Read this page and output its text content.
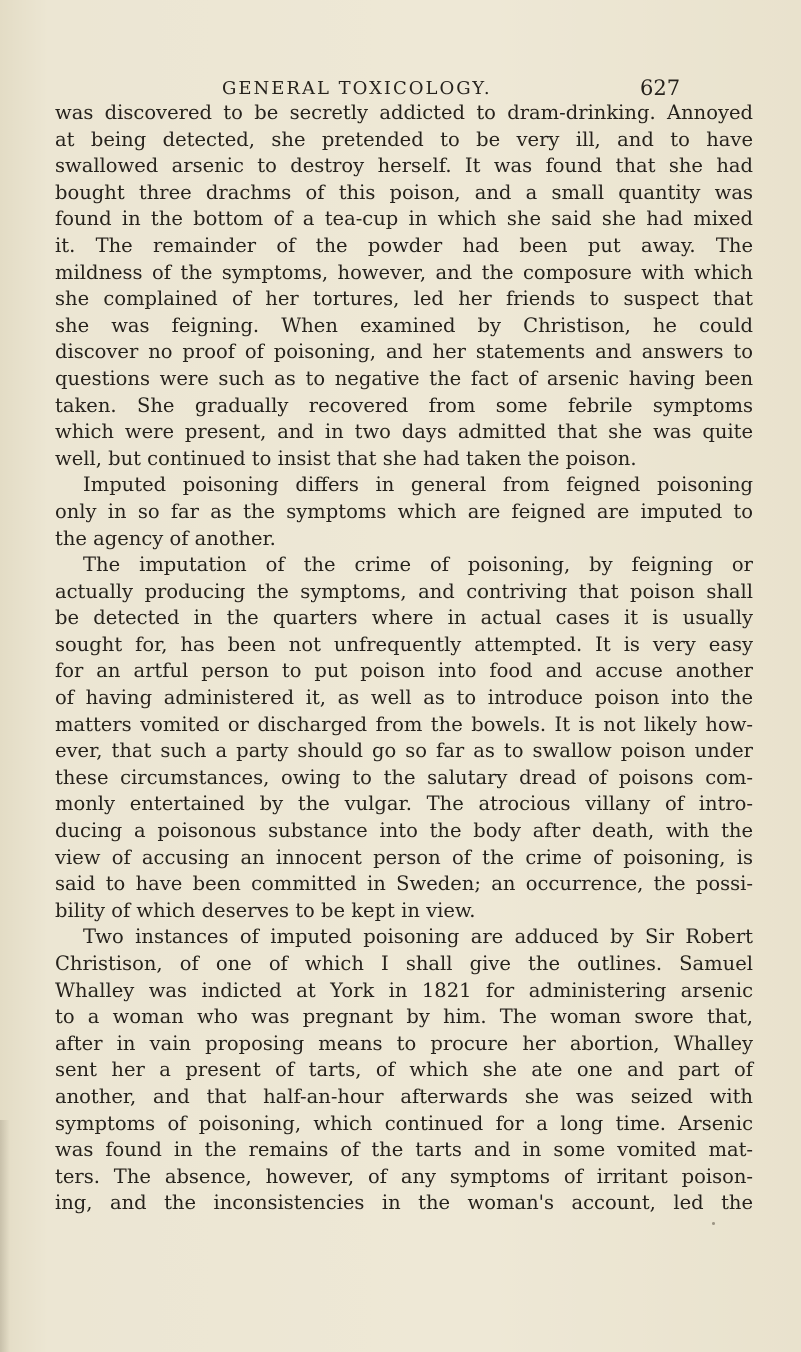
GENERAL TOXICOLOGY.	627
was discovered to be secretly addicted to dram-drinking. Annoyed
at being detected, she pretended to be very ill, and to have
swallowed arsenic to destroy herself. It was found that she had
bought three drachms of this poison, and a small quantity was
found in the bottom of a tea-cup in which she said she had mixed
it. The remainder of the powder had been put away. The
mildness of the symptoms, however, and the composure with which
she complained of her tortures, led her friends to suspect that
she was feigning. When examined by Christison, he could
discover no proof of poisoning, and her statements and answers to
questions were such as to negative the fact of arsenic having been
taken. She gradually recovered from some febrile symptoms
which were present, and in two days admitted that she was quite
well, but continued to insist that she had taken the poison.
Imputed poisoning differs in general from feigned poisoning
only in so far as the symptoms which are feigned are imputed to
the agency of another.
The imputation of the crime of poisoning, by feigning or
actually producing the symptoms, and contriving that poison shall
be detected in the quarters where in actual cases it is usually
sought for, has been not unfrequently attempted. It is very easy
for an artful person to put poison into food and accuse another
of having administered it, as well as to introduce poison into the
matters vomited or discharged from the bowels. It is not likely how-
ever, that such a party should go so far as to swallow poison under
these circumstances, owing to the salutary dread of poisons com-
monly entertained by the vulgar. The atrocious villany of intro-
ducing a poisonous substance into the body after death, with the
view of accusing an innocent person of the crime of poisoning, is
said to have been committed in Sweden; an occurrence, the possi-
bility of which deserves to be kept in view.
Two instances of imputed poisoning are adduced by Sir Robert
Christison, of one of which I shall give the outlines. Samuel
Whalley was indicted at York in 1821 for administering arsenic
to a woman who was pregnant by him. The woman swore that,
after in vain proposing means to procure her abortion, Whalley
sent her a present of tarts, of which she ate one and part of
another, and that half-an-hour afterwards she was seized with
symptoms of poisoning, which continued for a long time. Arsenic
was found in the remains of the tarts and in some vomited mat-
ters. The absence, however, of any symptoms of irritant poison-
ing, and the inconsistencies in the woman's account, led the
